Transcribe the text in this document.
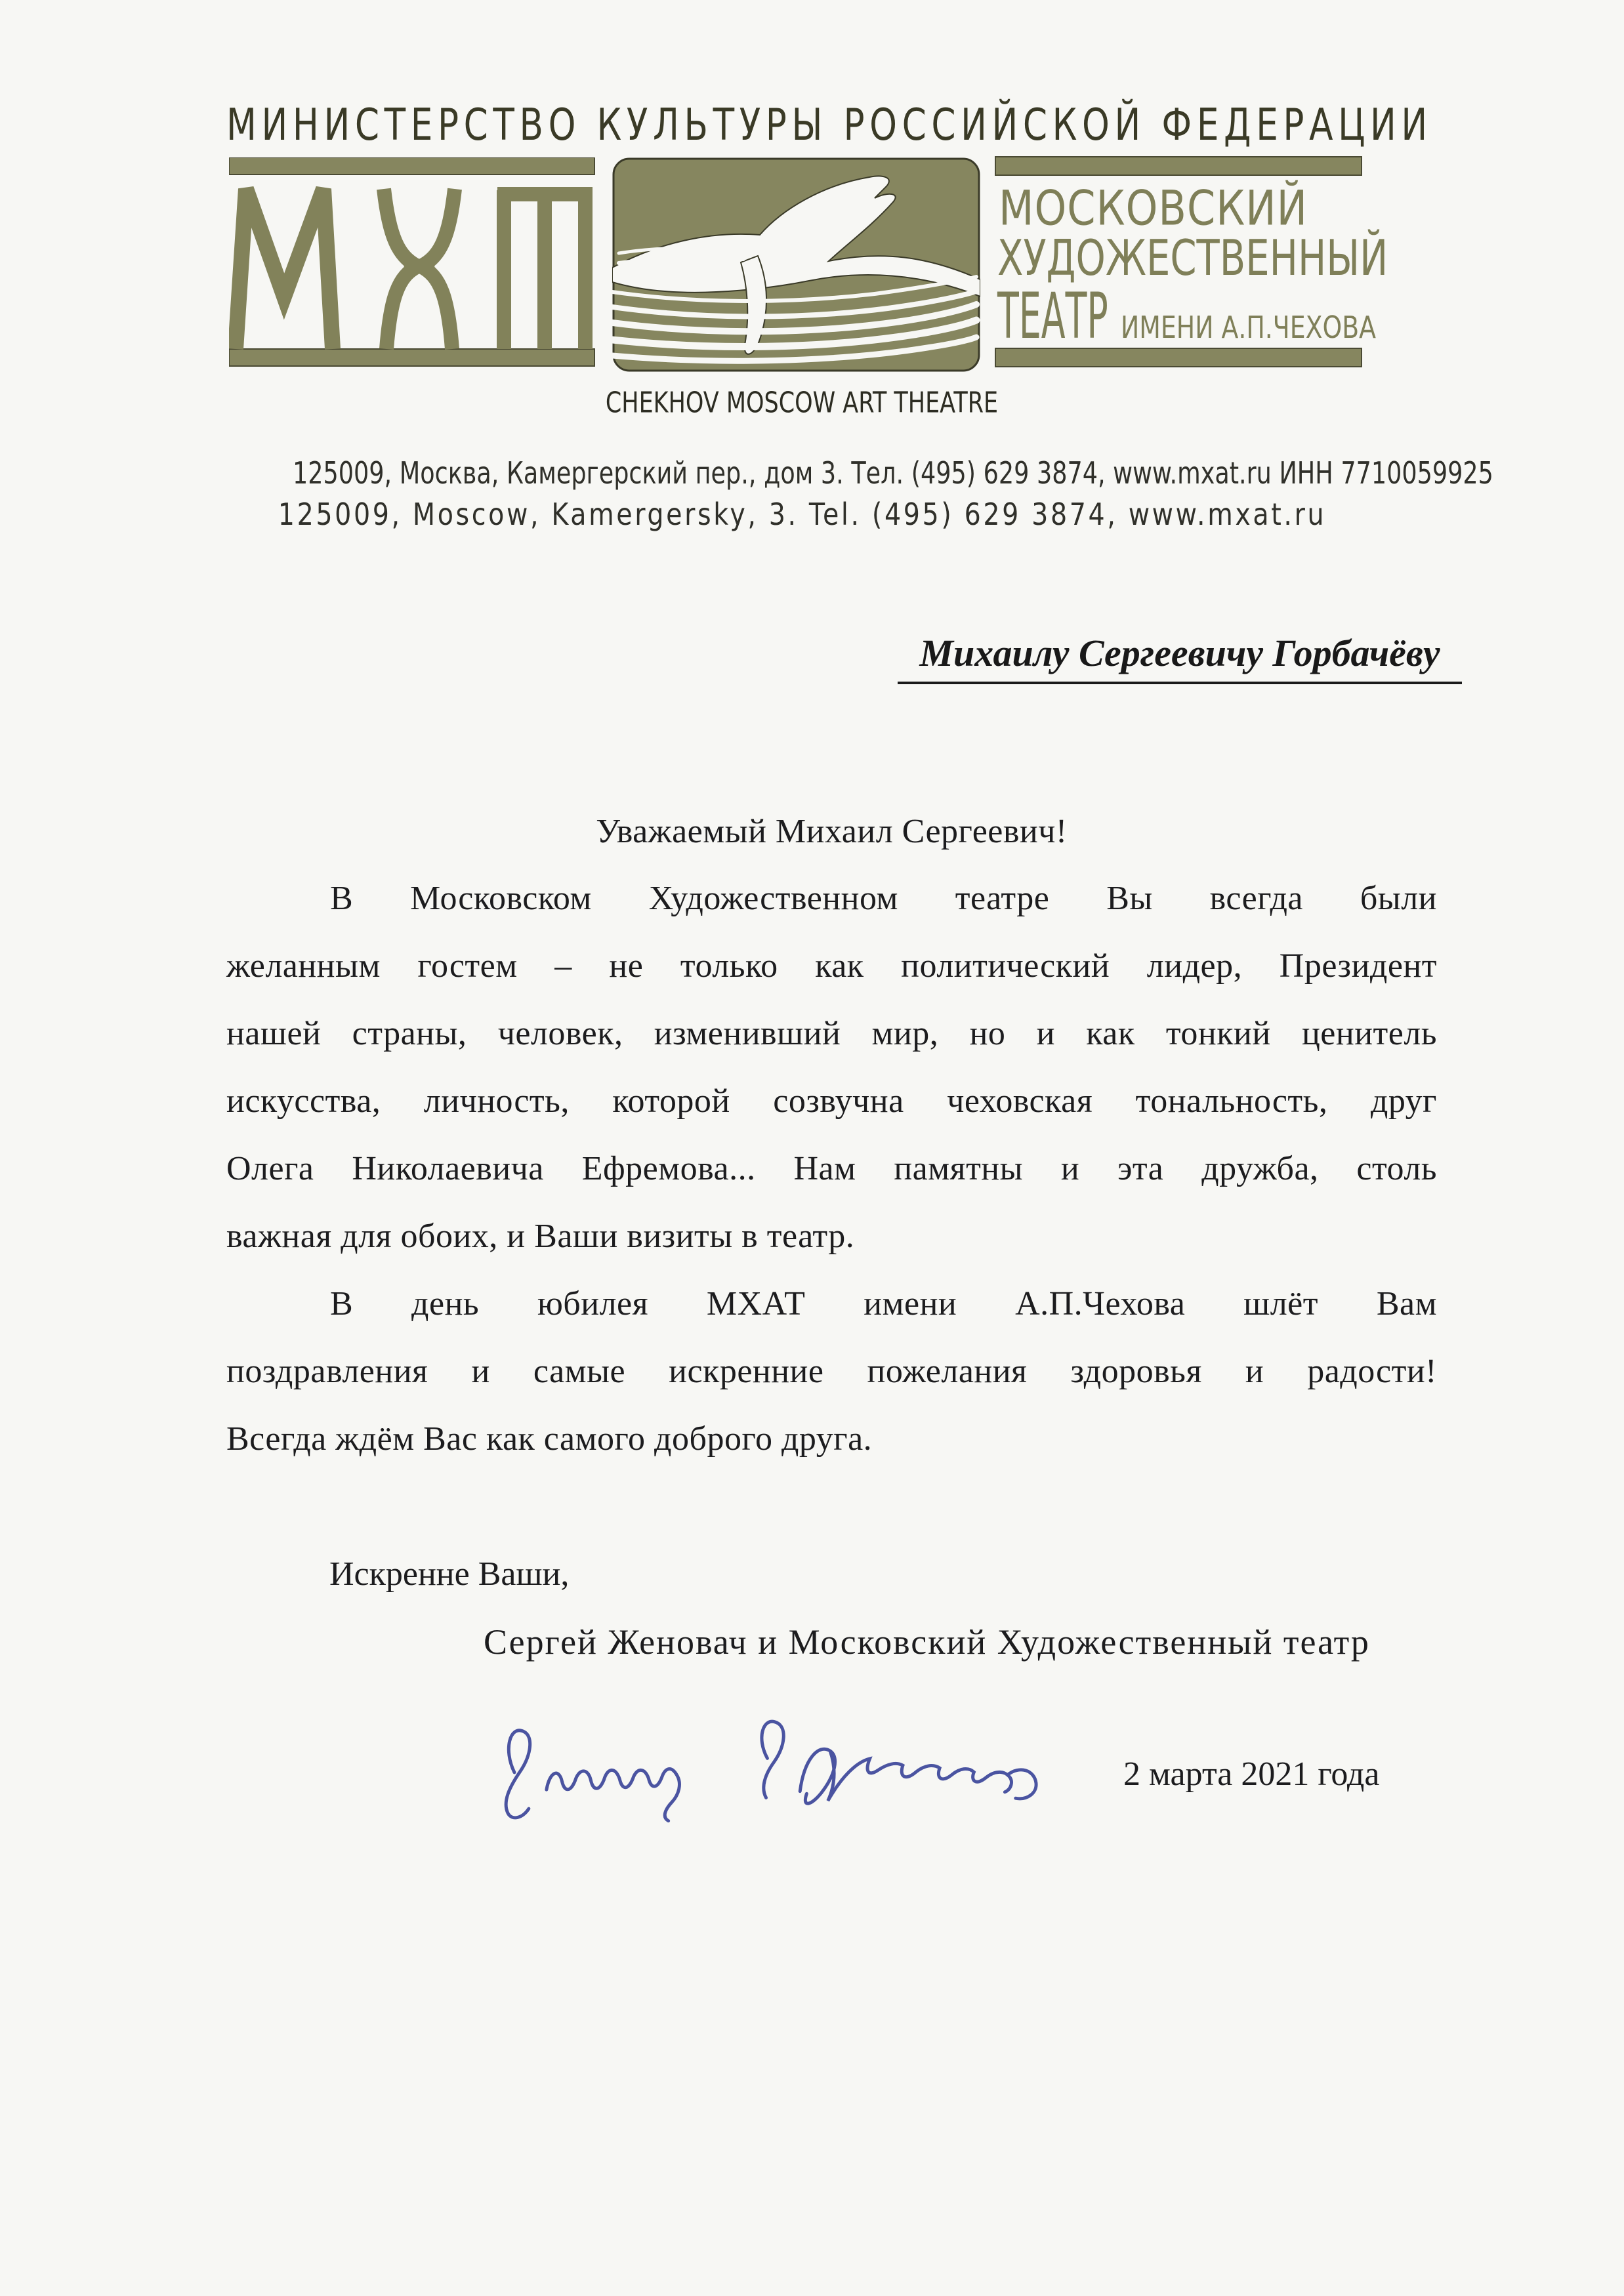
МИНИСТЕРСТВО КУЛЬТУРЫ РОССИЙСКОЙ ФЕДЕРАЦИИ
МОСКОВСКИЙ
ХУДОЖЕСТВЕННЫЙ
ТЕАТР ИМЕНИ А.П.ЧЕХОВА
CHEKHOV MOSCOW ART THEATRE
125009, Москва, Камергерский пер., дом 3. Тел. (495) 629 3874, www.mxat.ru ИНН 7710059925
125009, Moscow, Kamergersky, 3. Tel. (495) 629 3874, www.mxat.ru
Михаилу Сергеевичу Горбачёву
Уважаемый Михаил Сергеевич!
В Московском Художественном театре Вы всегда были
желанным гостем – не только как политический лидер, Президент
нашей страны, человек, изменивший мир, но и как тонкий ценитель
искусства, личность, которой созвучна чеховская тональность, друг
Олега Николаевича Ефремова... Нам памятны и эта дружба, столь
важная для обоих, и Ваши визиты в театр.
В день юбилея МХАТ имени А.П.Чехова шлёт Вам
поздравления и самые искренние пожелания здоровья и радости!
Всегда ждём Вас как самого доброго друга.
Искренне Ваши,
Сергей Женовач и Московский Художественный театр
2 марта 2021 года
